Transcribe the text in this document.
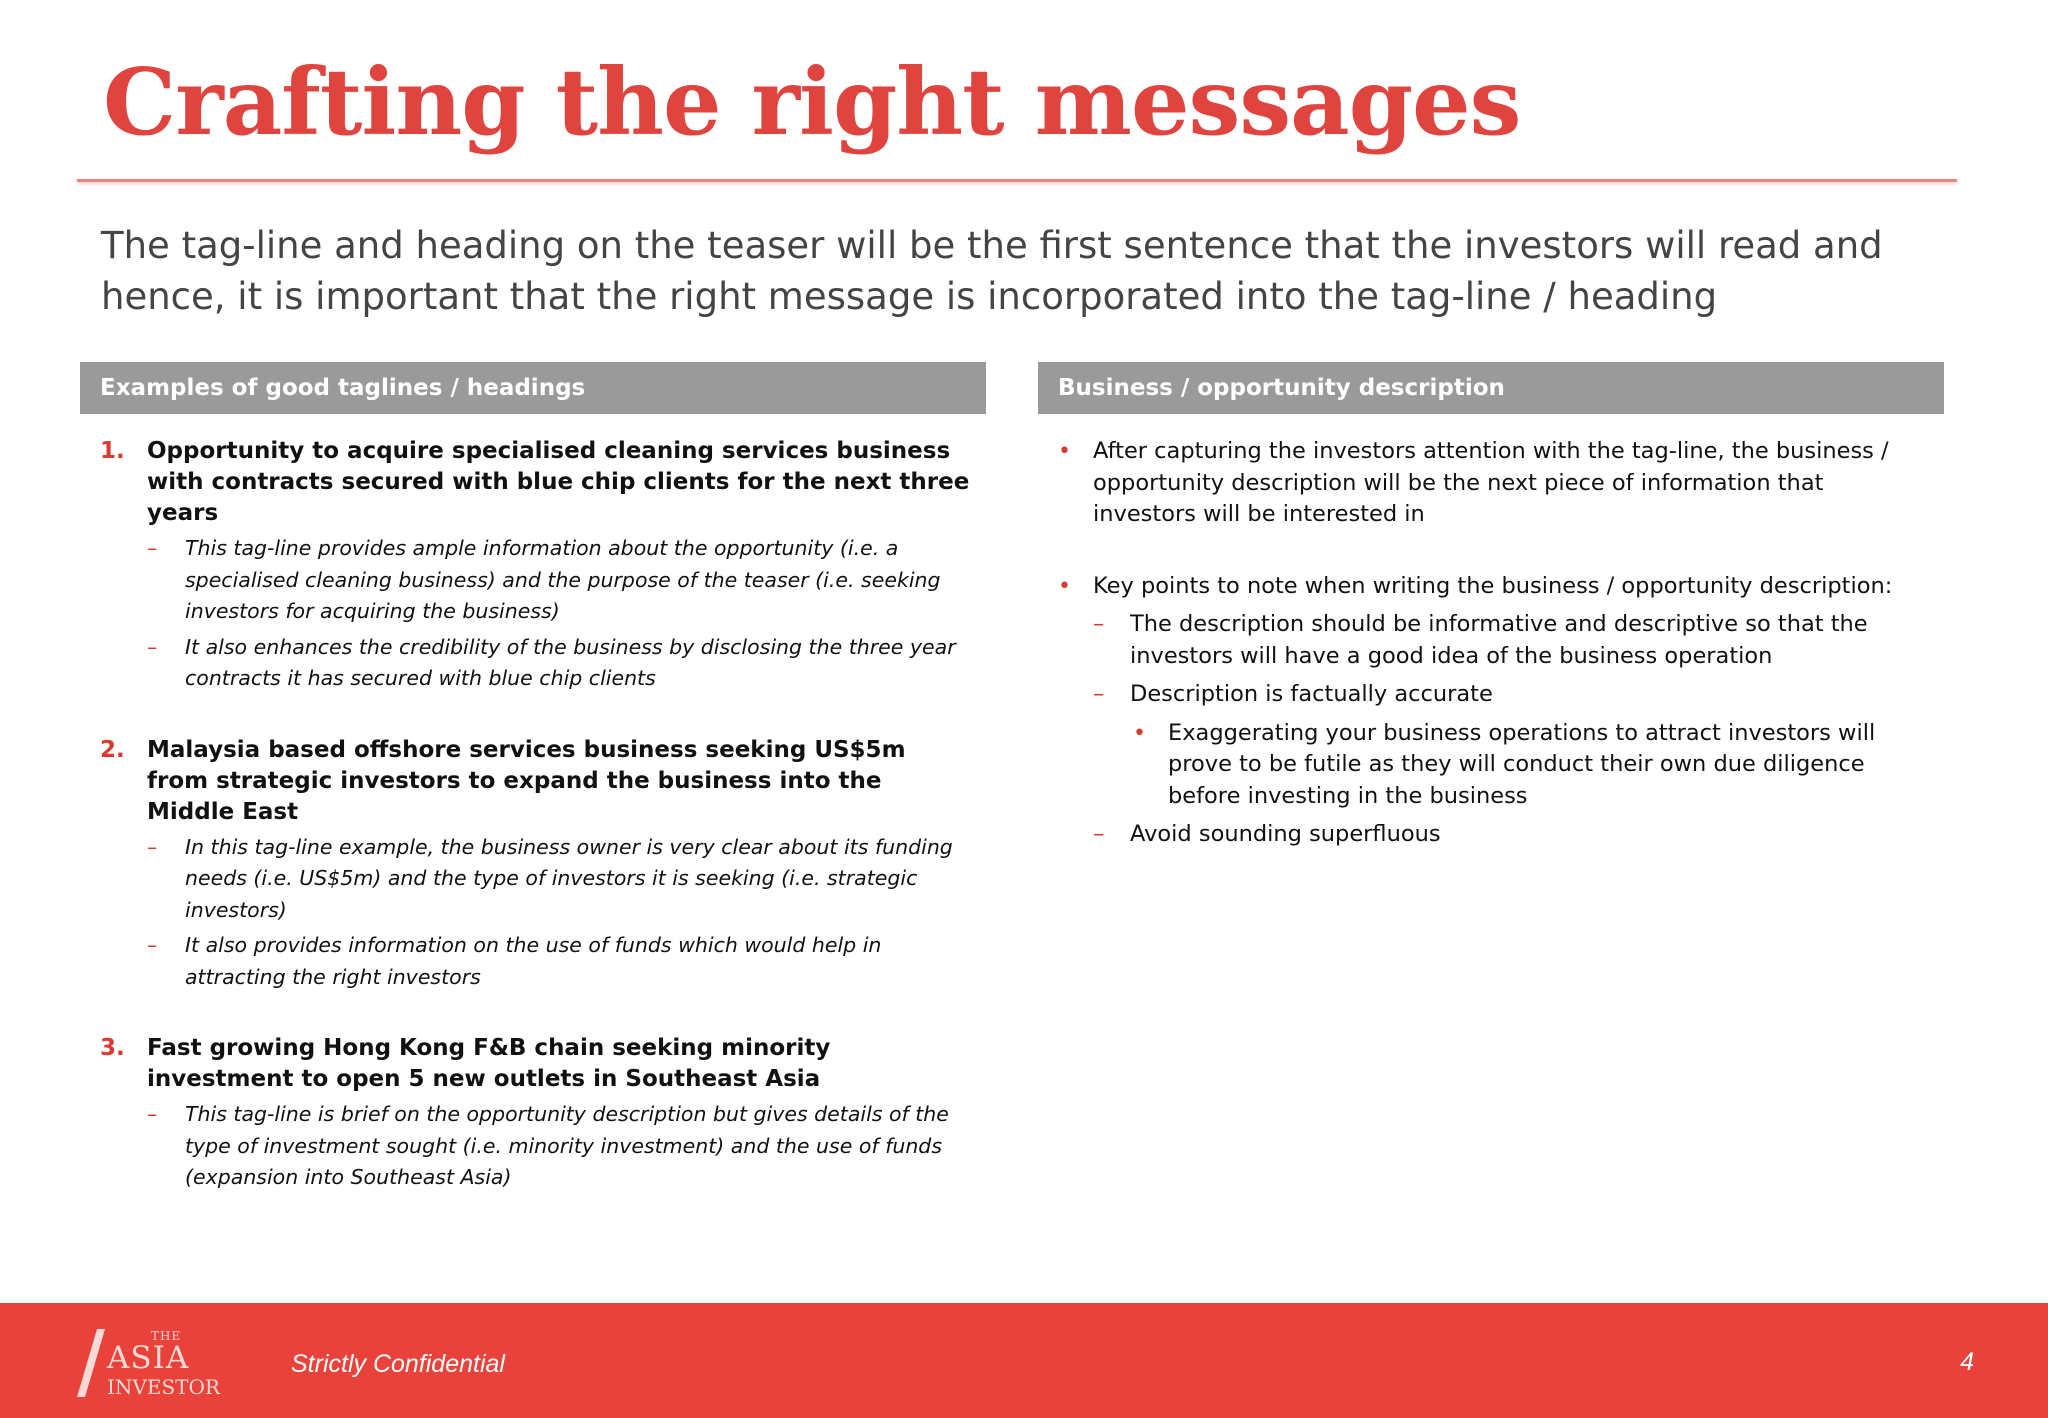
Crafting the right messages

The tag-line and heading on the teaser will be the first sentence that the investors will read and hence, it is important that the right message is incorporated into the tag-line / heading

Examples of good taglines / headings
1. Opportunity to acquire specialised cleaning services business with contracts secured with blue chip clients for the next three years
– This tag-line provides ample information about the opportunity (i.e. a specialised cleaning business) and the purpose of the teaser (i.e. seeking investors for acquiring the business)
– It also enhances the credibility of the business by disclosing the three year contracts it has secured with blue chip clients
2. Malaysia based offshore services business seeking US$5m from strategic investors to expand the business into the Middle East
– In this tag-line example, the business owner is very clear about its funding needs (i.e. US$5m) and the type of investors it is seeking (i.e. strategic investors)
– It also provides information on the use of funds which would help in attracting the right investors
3. Fast growing Hong Kong F&B chain seeking minority investment to open 5 new outlets in Southeast Asia
– This tag-line is brief on the opportunity description but gives details of the type of investment sought (i.e. minority investment) and the use of funds (expansion into Southeast Asia)
Business / opportunity description
• After capturing the investors attention with the tag-line, the business / opportunity description will be the next piece of information that investors will be interested in
• Key points to note when writing the business / opportunity description:
– The description should be informative and descriptive so that the investors will have a good idea of the business operation
– Description is factually accurate
• Exaggerating your business operations to attract investors will prove to be futile as they will conduct their own due diligence before investing in the business
– Avoid sounding superfluous
THE
ASIA
INVESTOR
Strictly Confidential	4
